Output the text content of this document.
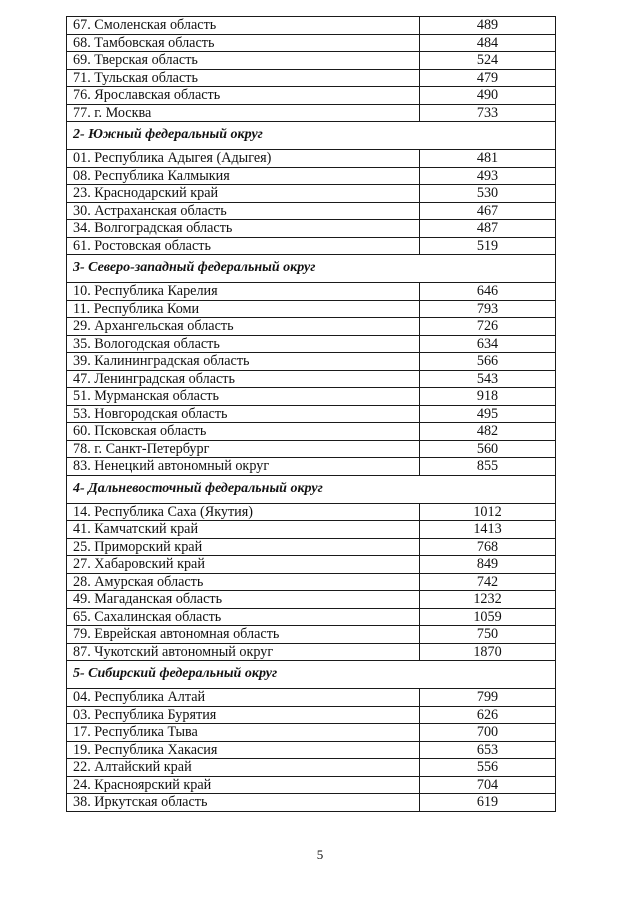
67. Смоленская область	489
68. Тамбовская область	484
69. Тверская область	524
71. Тульская область	479
76. Ярославская область	490
77. г. Москва	733
2- Южный федеральный округ	
01. Республика Адыгея (Адыгея)	481
08. Республика Калмыкия	493
23. Краснодарский край	530
30. Астраханская область	467
34. Волгоградская область	487
61. Ростовская область	519
3- Северо-западный федеральный округ	
10. Республика Карелия	646
11. Республика Коми	793
29. Архангельская область	726
35. Вологодская область	634
39. Калининградская область	566
47. Ленинградская область	543
51. Мурманская область	918
53. Новгородская область	495
60. Псковская область	482
78. г. Санкт-Петербург	560
83. Ненецкий автономный округ	855
4- Дальневосточный федеральный округ	
14. Республика Саха (Якутия)	1012
41. Камчатский край	1413
25. Приморский край	768
27. Хабаровский край	849
28. Амурская область	742
49. Магаданская область	1232
65. Сахалинская область	1059
79. Еврейская автономная область	750
87. Чукотский автономный округ	1870
5- Сибирский федеральный округ	
04. Республика Алтай	799
03. Республика Бурятия	626
17. Республика Тыва	700
19. Республика Хакасия	653
22. Алтайский край	556
24. Красноярский край	704
38. Иркутская область	619
5
